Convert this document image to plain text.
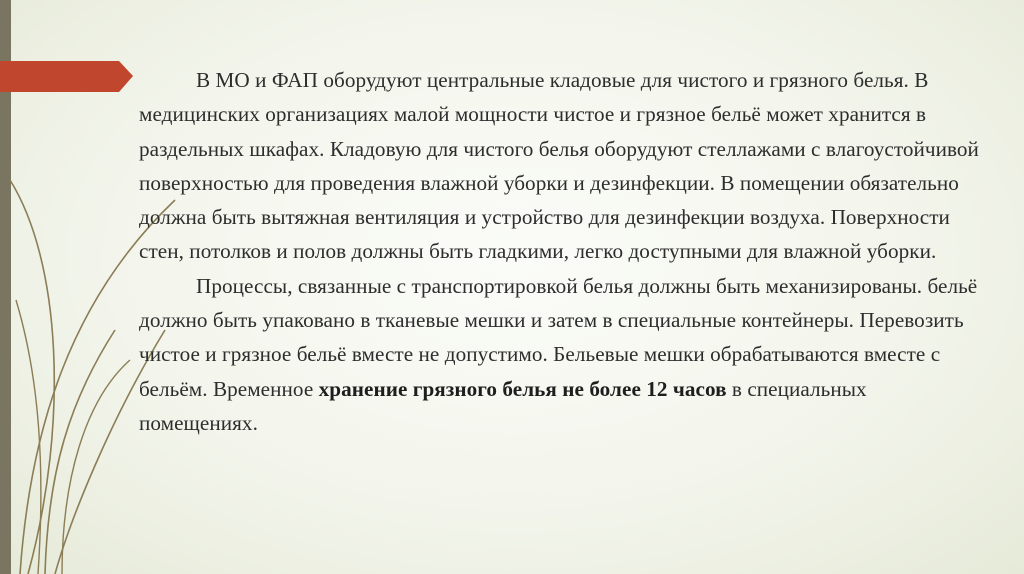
В МО и ФАП оборудуют центральные кладовые для чистого и грязного белья. В медицинских организациях малой мощности чистое и грязное бельё может хранится в раздельных шкафах. Кладовую для чистого белья оборудуют стеллажами с влагоустойчивой поверхностью для проведения влажной уборки и дезинфекции. В помещении обязательно должна быть вытяжная вентиляция и устройство для дезинфекции воздуха. Поверхности стен, потолков и полов должны быть гладкими, легко доступными для влажной уборки.

Процессы, связанные с транспортировкой белья должны быть механизированы. бельё должно быть упаковано в тканевые мешки и затем в специальные контейнеры. Перевозить чистое и грязное бельё вместе не допустимо. Бельевые мешки обрабатываются вместе с бельём. Временное хранение грязного белья не более 12 часов в специальных помещениях.
